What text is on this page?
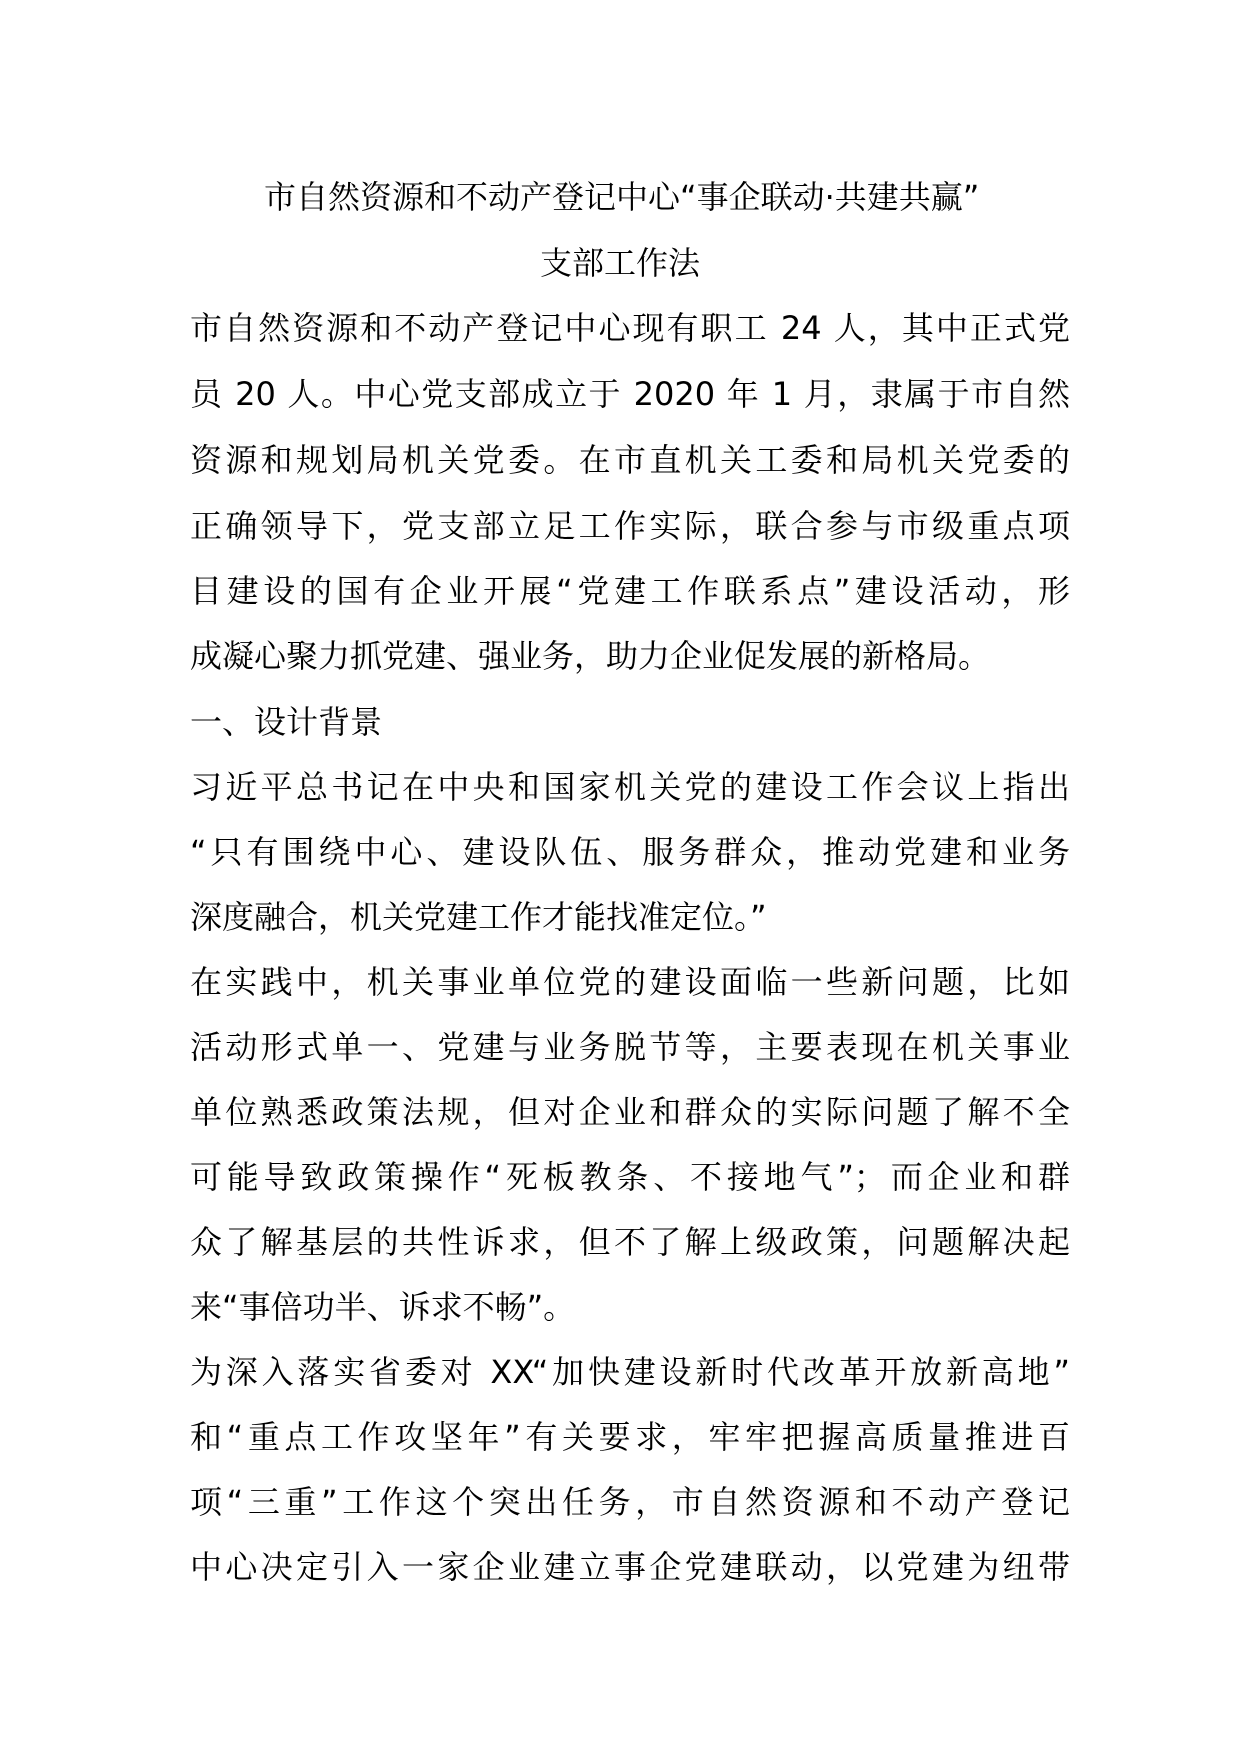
市自然资源和不动产登记中心“事企联动·共建共赢”
支部工作法
市自然资源和不动产登记中心现有职工 24 人，其中正式党
员 20 人。中心党支部成立于 2020 年 1 月，隶属于市自然
资源和规划局机关党委。在市直机关工委和局机关党委的
正确领导下，党支部立足工作实际，联合参与市级重点项
目建设的国有企业开展“党建工作联系点”建设活动，形
成凝心聚力抓党建、强业务，助力企业促发展的新格局。
一、设计背景
习近平总书记在中央和国家机关党的建设工作会议上指出
“只有围绕中心、建设队伍、服务群众，推动党建和业务
深度融合，机关党建工作才能找准定位。”
在实践中，机关事业单位党的建设面临一些新问题，比如
活动形式单一、党建与业务脱节等，主要表现在机关事业
单位熟悉政策法规，但对企业和群众的实际问题了解不全
可能导致政策操作“死板教条、不接地气”；而企业和群
众了解基层的共性诉求，但不了解上级政策，问题解决起
来“事倍功半、诉求不畅”。
为深入落实省委对 XX“加快建设新时代改革开放新高地”
和“重点工作攻坚年”有关要求，牢牢把握高质量推进百
项“三重”工作这个突出任务，市自然资源和不动产登记
中心决定引入一家企业建立事企党建联动，以党建为纽带
